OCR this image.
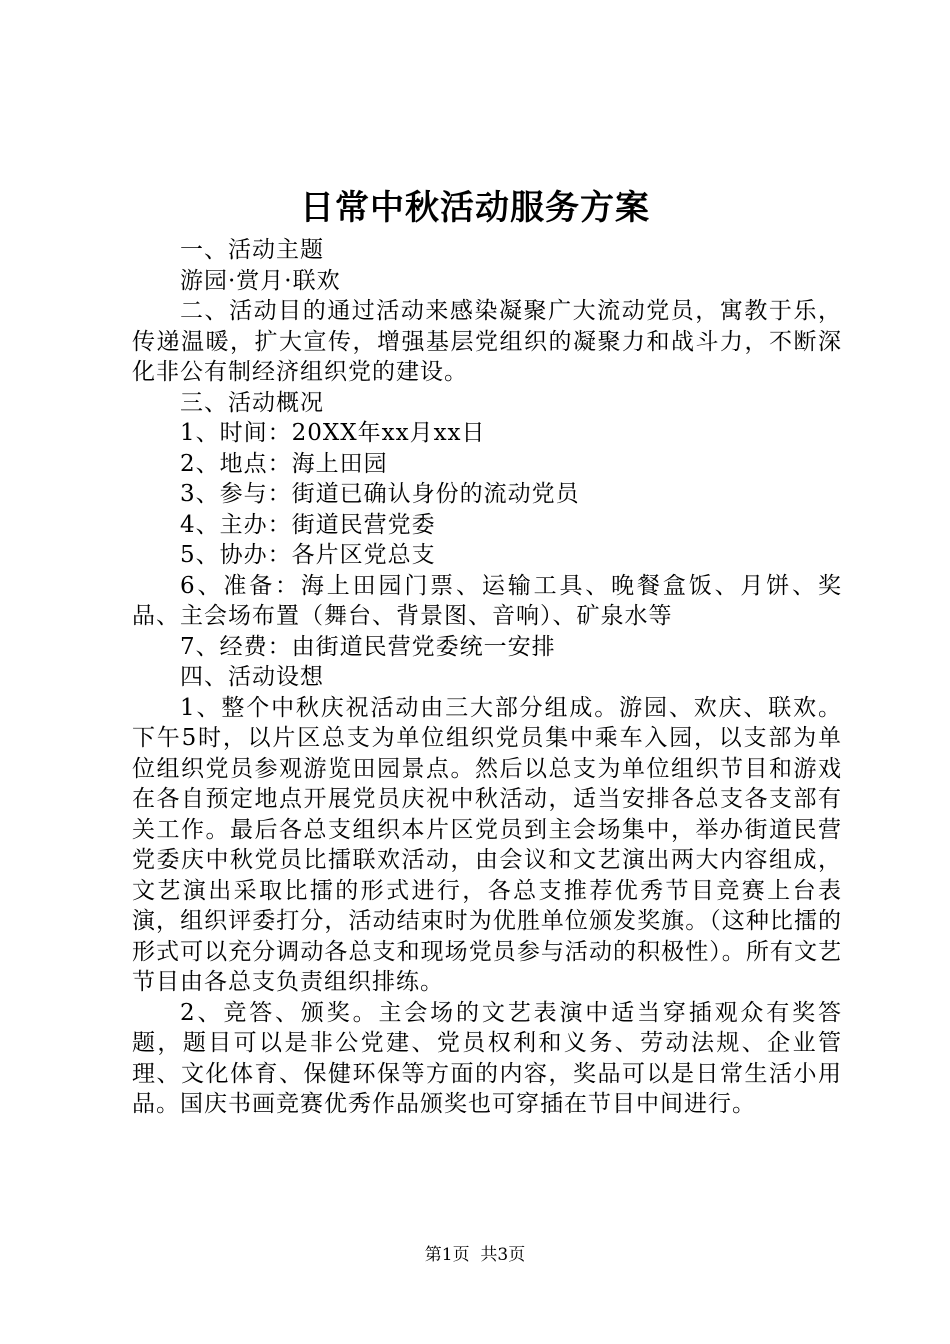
日常中秋活动服务方案

一、活动主题

游园·赏月·联欢

二、活动目的通过活动来感染凝聚广大流动党员，寓教于乐，传递温暖，扩大宣传，增强基层党组织的凝聚力和战斗力，不断深化非公有制经济组织党的建设。

三、活动概况

1、时间：20XX年xx月xx日

2、地点：海上田园

3、参与：街道已确认身份的流动党员

4、主办：街道民营党委

5、协办：各片区党总支

6、准备：海上田园门票、运输工具、晚餐盒饭、月饼、奖品、主会场布置（舞台、背景图、音响）、矿泉水等

7、经费：由街道民营党委统一安排

四、活动设想

1、整个中秋庆祝活动由三大部分组成。游园、欢庆、联欢。下午5时，以片区总支为单位组织党员集中乘车入园，以支部为单位组织党员参观游览田园景点。然后以总支为单位组织节目和游戏在各自预定地点开展党员庆祝中秋活动，适当安排各总支各支部有关工作。最后各总支组织本片区党员到主会场集中，举办街道民营党委庆中秋党员比擂联欢活动，由会议和文艺演出两大内容组成，文艺演出采取比擂的形式进行，各总支推荐优秀节目竞赛上台表演，组织评委打分，活动结束时为优胜单位颁发奖旗。（这种比擂的形式可以充分调动各总支和现场党员参与活动的积极性）。所有文艺节目由各总支负责组织排练。

2、竞答、颁奖。主会场的文艺表演中适当穿插观众有奖答题，题目可以是非公党建、党员权利和义务、劳动法规、企业管理、文化体育、保健环保等方面的内容，奖品可以是日常生活小用品。国庆书画竞赛优秀作品颁奖也可穿插在节目中间进行。

第1页 共3页
